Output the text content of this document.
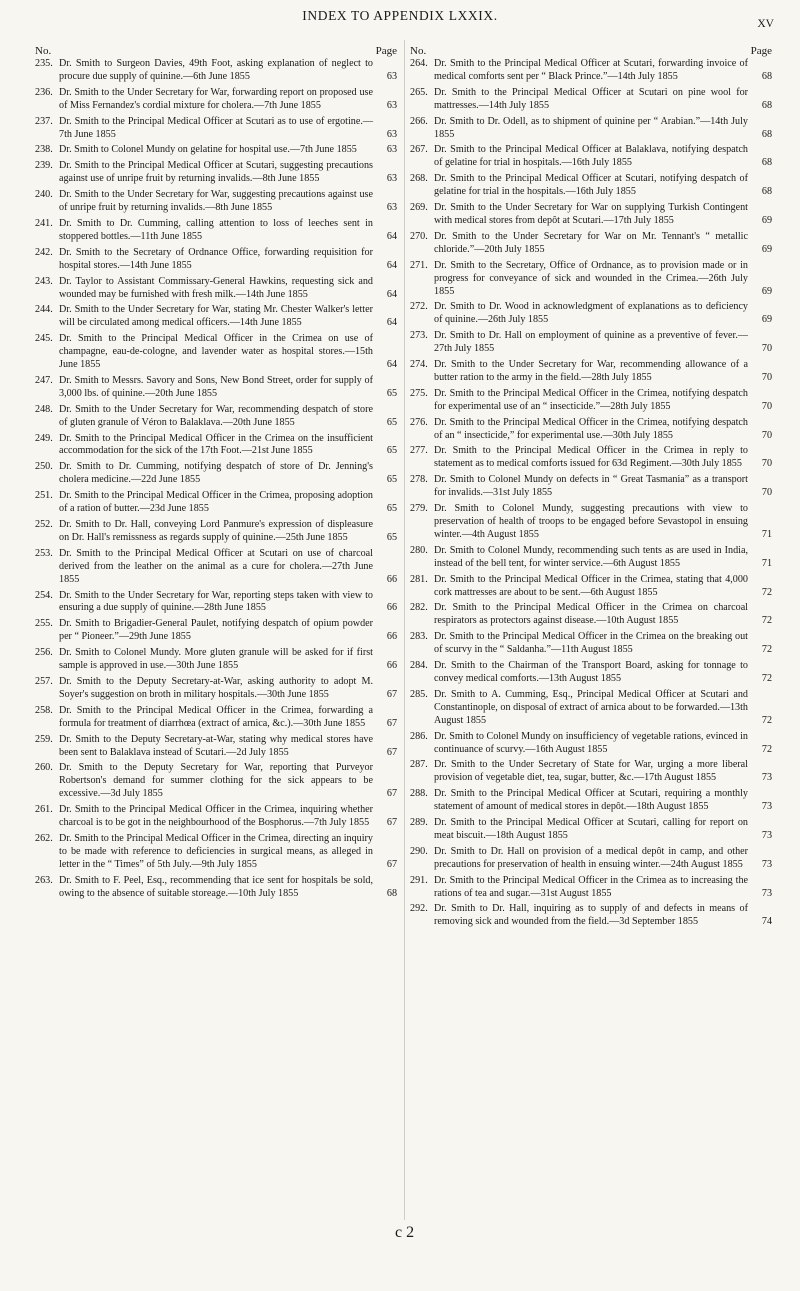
INDEX TO APPENDIX LXXIX.
XV
No.	Page
235. Dr. Smith to Surgeon Davies, 49th Foot, asking explanation of neglect to procure due supply of quinine.—6th June 1855	63
236. Dr. Smith to the Under Secretary for War, forwarding report on proposed use of Miss Fernandez's cordial mixture for cholera.—7th June 1855	63
237. Dr. Smith to the Principal Medical Officer at Scutari as to use of ergotine.—7th June 1855	63
238. Dr. Smith to Colonel Mundy on gelatine for hospital use.—7th June 1855	63
239. Dr. Smith to the Principal Medical Officer at Scutari, suggesting precautions against use of unripe fruit by returning invalids.—8th June 1855	63
240. Dr. Smith to the Under Secretary for War, suggesting precautions against use of unripe fruit by returning invalids.—8th June 1855	63
241. Dr. Smith to Dr. Cumming, calling attention to loss of leeches sent in stoppered bottles.—11th June 1855	64
242. Dr. Smith to the Secretary of Ordnance Office, forwarding requisition for hospital stores.—14th June 1855	64
243. Dr. Taylor to Assistant Commissary-General Hawkins, requesting sick and wounded may be furnished with fresh milk.—14th June 1855	64
244. Dr. Smith to the Under Secretary for War, stating Mr. Chester Walker's letter will be circulated among medical officers.—14th June 1855	64
245. Dr. Smith to the Principal Medical Officer in the Crimea on use of champagne, eau-de-cologne, and lavender water as hospital stores.—15th June 1855	64
247. Dr. Smith to Messrs. Savory and Sons, New Bond Street, order for supply of 3,000 lbs. of quinine.—20th June 1855	65
248. Dr. Smith to the Under Secretary for War, recommending despatch of store of gluten granule of Véron to Balaklava.—20th June 1855	65
249. Dr. Smith to the Principal Medical Officer in the Crimea on the insufficient accommodation for the sick of the 17th Foot.—21st June 1855	65
250. Dr. Smith to Dr. Cumming, notifying despatch of store of Dr. Jenning's cholera medicine.—22d June 1855	65
251. Dr. Smith to the Principal Medical Officer in the Crimea, proposing adoption of a ration of butter.—23d June 1855	65
252. Dr. Smith to Dr. Hall, conveying Lord Panmure's expression of displeasure on Dr. Hall's remissness as regards supply of quinine.—25th June 1855	65
253. Dr. Smith to the Principal Medical Officer at Scutari on use of charcoal derived from the leather on the animal as a cure for cholera.—27th June 1855	66
254. Dr. Smith to the Under Secretary for War, reporting steps taken with view to ensuring a due supply of quinine.—28th June 1855	66
255. Dr. Smith to Brigadier-General Paulet, notifying despatch of opium powder per “ Pioneer.”—29th June 1855	66
256. Dr. Smith to Colonel Mundy. More gluten granule will be asked for if first sample is approved in use.—30th June 1855	66
257. Dr. Smith to the Deputy Secretary-at-War, asking authority to adopt M. Soyer's suggestion on broth in military hospitals.—30th June 1855	67
258. Dr. Smith to the Principal Medical Officer in the Crimea, forwarding a formula for treatment of diarrhœa (extract of arnica, &c.).—30th June 1855 67
259. Dr. Smith to the Deputy Secretary-at-War, stating why medical stores have been sent to Balaklava instead of Scutari.—2d July 1855	67
260. Dr. Smith to the Deputy Secretary for War, reporting that Purveyor Robertson's demand for summer clothing for the sick appears to be excessive.—3d July 1855	67
261. Dr. Smith to the Principal Medical Officer in the Crimea, inquiring whether charcoal is to be got in the neighbourhood of the Bosphorus.—7th July 1855 67
262. Dr. Smith to the Principal Medical Officer in the Crimea, directing an inquiry to be made with reference to deficiencies in surgical means, as alleged in letter in the “ Times” of 5th July.—9th July 1855	67
263. Dr. Smith to F. Peel, Esq., recommending that ice sent for hospitals be sold, owing to the absence of suitable storeage.—10th July 1855	68
No.	Page
264. Dr. Smith to the Principal Medical Officer at Scutari, forwarding invoice of medical comforts sent per “ Black Prince.”—14th July 1855	68
265. Dr. Smith to the Principal Medical Officer at Scutari on pine wool for mattresses.—14th July 1855	68
266. Dr. Smith to Dr. Odell, as to shipment of quinine per “ Arabian.”—14th July 1855	68
267. Dr. Smith to the Principal Medical Officer at Balaklava, notifying despatch of gelatine for trial in hospitals.—16th July 1855	68
268. Dr. Smith to the Principal Medical Officer at Scutari, notifying despatch of gelatine for trial in the hospitals.—16th July 1855	68
269. Dr. Smith to the Under Secretary for War on supplying Turkish Contingent with medical stores from depôt at Scutari.—17th July 1855	69
270. Dr. Smith to the Under Secretary for War on Mr. Tennant's “ metallic chloride.”—20th July 1855	69
271. Dr. Smith to the Secretary, Office of Ordnance, as to provision made or in progress for conveyance of sick and wounded in the Crimea.—26th July 1855	69
272. Dr. Smith to Dr. Wood in acknowledgment of explanations as to deficiency of quinine.—26th July 1855	69
273. Dr. Smith to Dr. Hall on employment of quinine as a preventive of fever.—27th July 1855	70
274. Dr. Smith to the Under Secretary for War, recommending allowance of a butter ration to the army in the field.—28th July 1855	70
275. Dr. Smith to the Principal Medical Officer in the Crimea, notifying despatch for experimental use of an “ insecticide.”—28th July 1855	70
276. Dr. Smith to the Principal Medical Officer in the Crimea, notifying despatch of an “ insecticide,” for experimental use.—30th July 1855	70
277. Dr. Smith to the Principal Medical Officer in the Crimea in reply to statement as to medical comforts issued for 63d Regiment.—30th July 1855 70
278. Dr. Smith to Colonel Mundy on defects in “ Great Tasmania” as a transport for invalids.—31st July 1855	70
279. Dr. Smith to Colonel Mundy, suggesting precautions with view to preservation of health of troops to be engaged before Sevastopol in ensuing winter.—4th August 1855	71
280. Dr. Smith to Colonel Mundy, recommending such tents as are used in India, instead of the bell tent, for winter service.—6th August 1855	71
281. Dr. Smith to the Principal Medical Officer in the Crimea, stating that 4,000 cork mattresses are about to be sent.—6th August 1855	72
282. Dr. Smith to the Principal Medical Officer in the Crimea on charcoal respirators as protectors against disease.—10th August 1855	72
283. Dr. Smith to the Principal Medical Officer in the Crimea on the breaking out of scurvy in the “ Saldanha.”—11th August 1855	72
284. Dr. Smith to the Chairman of the Transport Board, asking for tonnage to convey medical comforts.—13th August 1855	72
285. Dr. Smith to A. Cumming, Esq., Principal Medical Officer at Scutari and Constantinople, on disposal of extract of arnica about to be forwarded.—13th August 1855	72
286. Dr. Smith to Colonel Mundy on insufficiency of vegetable rations, evinced in continuance of scurvy.—16th August 1855	72
287. Dr. Smith to the Under Secretary of State for War, urging a more liberal provision of vegetable diet, tea, sugar, butter, &c.—17th August 1855	73
288. Dr. Smith to the Principal Medical Officer at Scutari, requiring a monthly statement of amount of medical stores in depôt.—18th August 1855	73
289. Dr. Smith to the Principal Medical Officer at Scutari, calling for report on meat biscuit.—18th August 1855	73
290. Dr. Smith to Dr. Hall on provision of a medical depôt in camp, and other precautions for preservation of health in ensuing winter.—24th August 1855 73
291. Dr. Smith to the Principal Medical Officer in the Crimea as to increasing the rations of tea and sugar.—31st August 1855	73
292. Dr. Smith to Dr. Hall, inquiring as to supply of and defects in means of removing sick and wounded from the field.—3d September 1855	74
c 2
